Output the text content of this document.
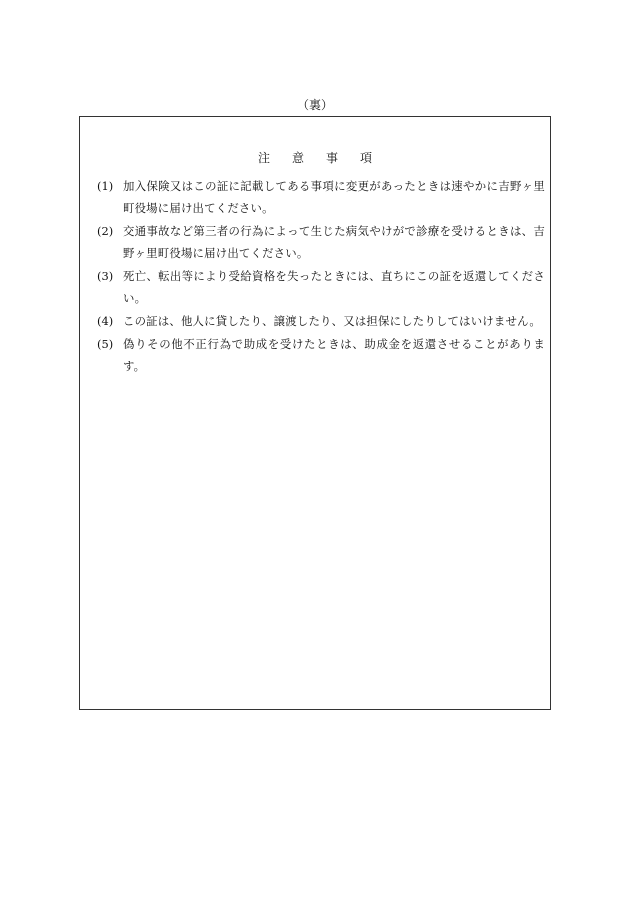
（裏）
注意事項
(1) 加入保険又はこの証に記載してある事項に変更があったときは速やかに吉野ヶ里町役場に届け出てください。
(2) 交通事故など第三者の行為によって生じた病気やけがで診療を受けるときは、吉野ヶ里町役場に届け出てください。
(3) 死亡、転出等により受給資格を失ったときには、直ちにこの証を返還してください。
(4) この証は、他人に貸したり、譲渡したり、又は担保にしたりしてはいけません。
(5) 偽りその他不正行為で助成を受けたときは、助成金を返還させることがあります。
